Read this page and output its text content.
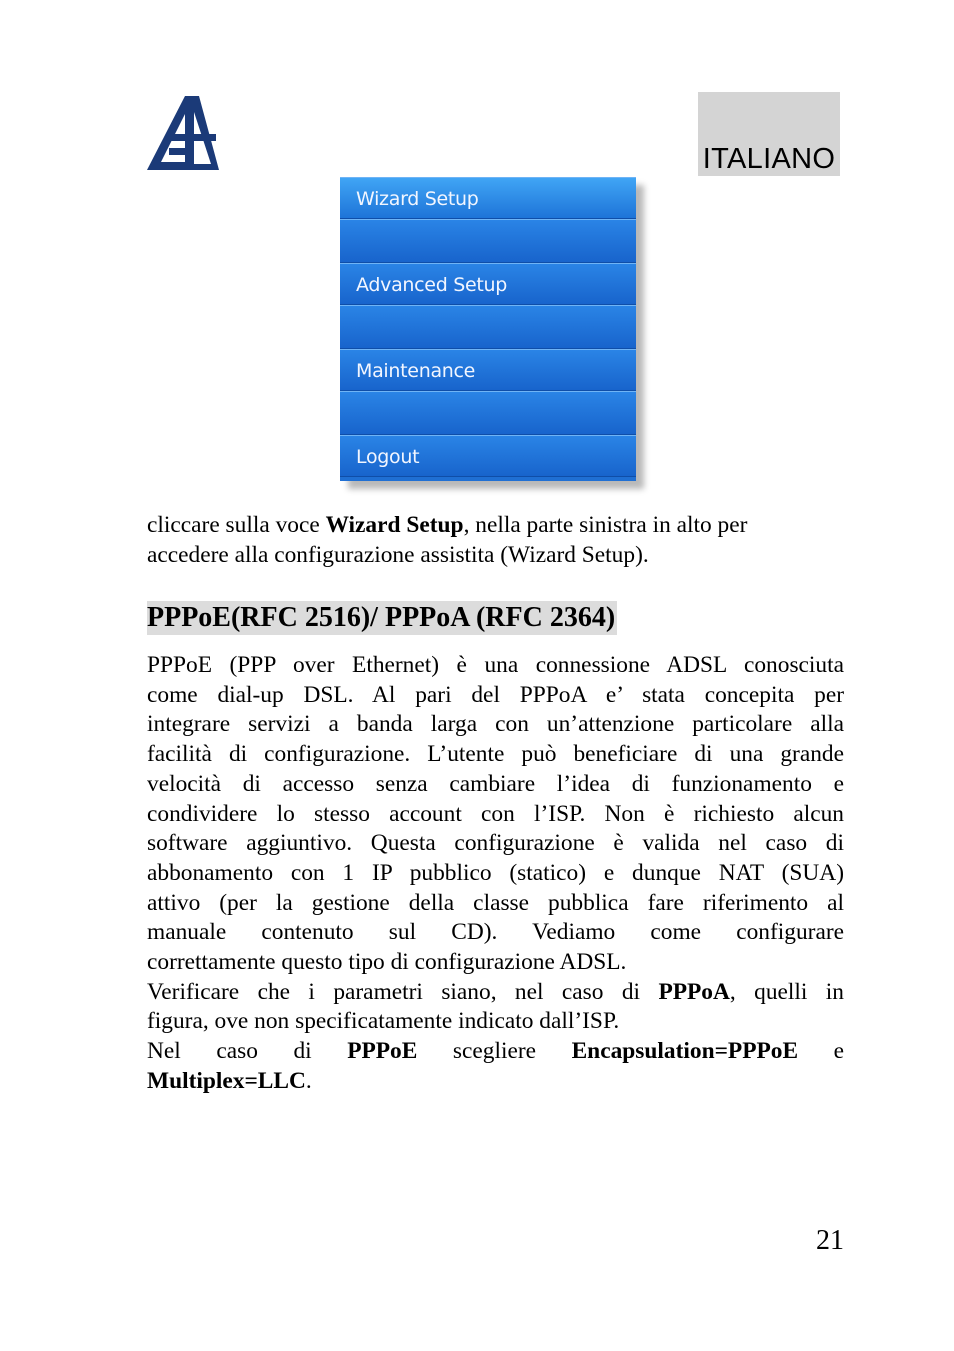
ITALIANO
Wizard Setup
Advanced Setup
Maintenance
Logout
cliccare sulla voce Wizard Setup, nella parte sinistra in alto per
accedere alla configurazione assistita (Wizard Setup).
PPPoE(RFC 2516)/ PPPoA (RFC 2364)
PPPoE (PPP over Ethernet) è una connessione ADSL conosciuta
come dial-up DSL. Al pari del PPPoA e’ stata concepita per
integrare servizi a banda larga con un’attenzione particolare alla
facilità di configurazione. L’utente può beneficiare di una grande
velocità di accesso senza cambiare l’idea di funzionamento e
condividere lo stesso account con l’ISP. Non è richiesto alcun
software aggiuntivo. Questa configurazione è valida nel caso di
abbonamento con 1 IP pubblico (statico) e dunque NAT (SUA)
attivo (per la gestione della classe pubblica fare riferimento al
manuale contenuto sul CD). Vediamo come configurare
correttamente questo tipo di configurazione ADSL.
Verificare che i parametri siano, nel caso di PPPoA, quelli in
figura, ove non specificatamente indicato dall’ISP.
Nel caso di PPPoE scegliere Encapsulation=PPPoE e
Multiplex=LLC.
21
